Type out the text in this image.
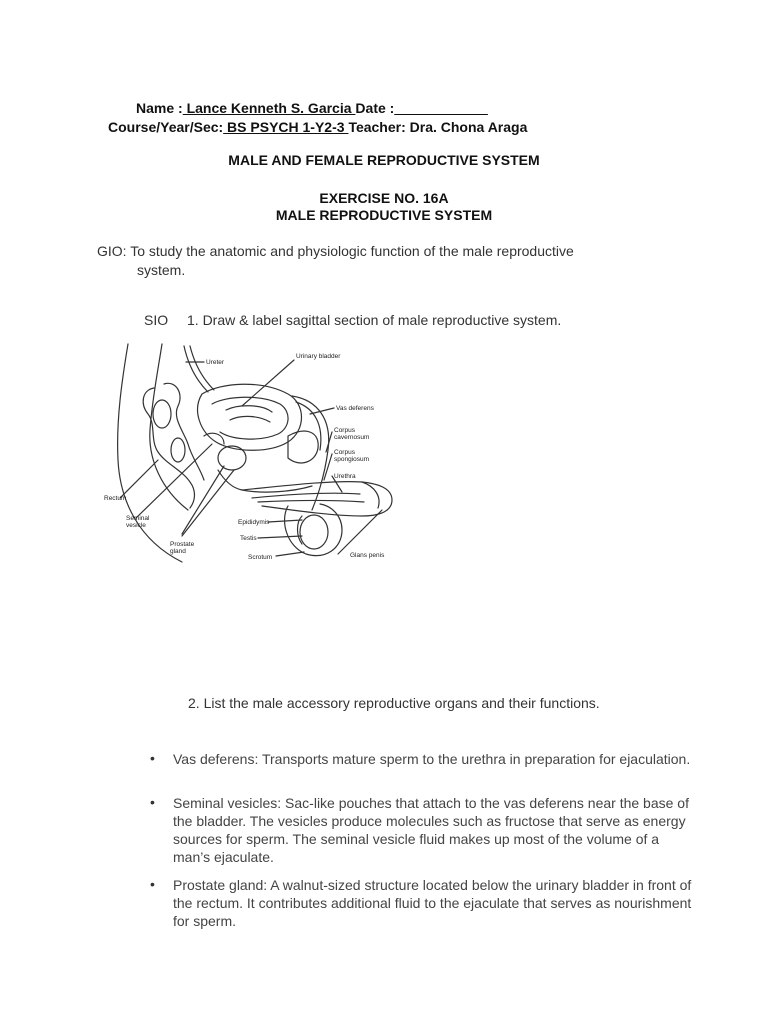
Name : Lance Kenneth S. Garcia Date :____________
Course/Year/Sec: BS PSYCH 1-Y2-3 Teacher: Dra. Chona Araga
MALE AND FEMALE REPRODUCTIVE SYSTEM
EXERCISE NO. 16A
MALE REPRODUCTIVE SYSTEM
GIO: To study the anatomic and physiologic function of the male reproductive
system.
SIO 1. Draw & label sagittal section of male reproductive system.
Ureter
Urinary bladder
Vas deferens
Corpus
cavernosum
Corpus
spongiosum
Urethra
Rectum
Seminal
vesicle
Prostate
gland
Epididymis
Testis
Scrotum	Glans penis
2. List the male accessory reproductive organs and their functions.
• Vas deferens: Transports mature sperm to the urethra in preparation for ejaculation.
• Seminal vesicles: Sac-like pouches that attach to the vas deferens near the base of the bladder. The vesicles produce molecules such as fructose that serve as energy sources for sperm. The seminal vesicle fluid makes up most of the volume of a man’s ejaculate.
• Prostate gland: A walnut-sized structure located below the urinary bladder in front of the rectum. It contributes additional fluid to the ejaculate that serves as nourishment for sperm.
